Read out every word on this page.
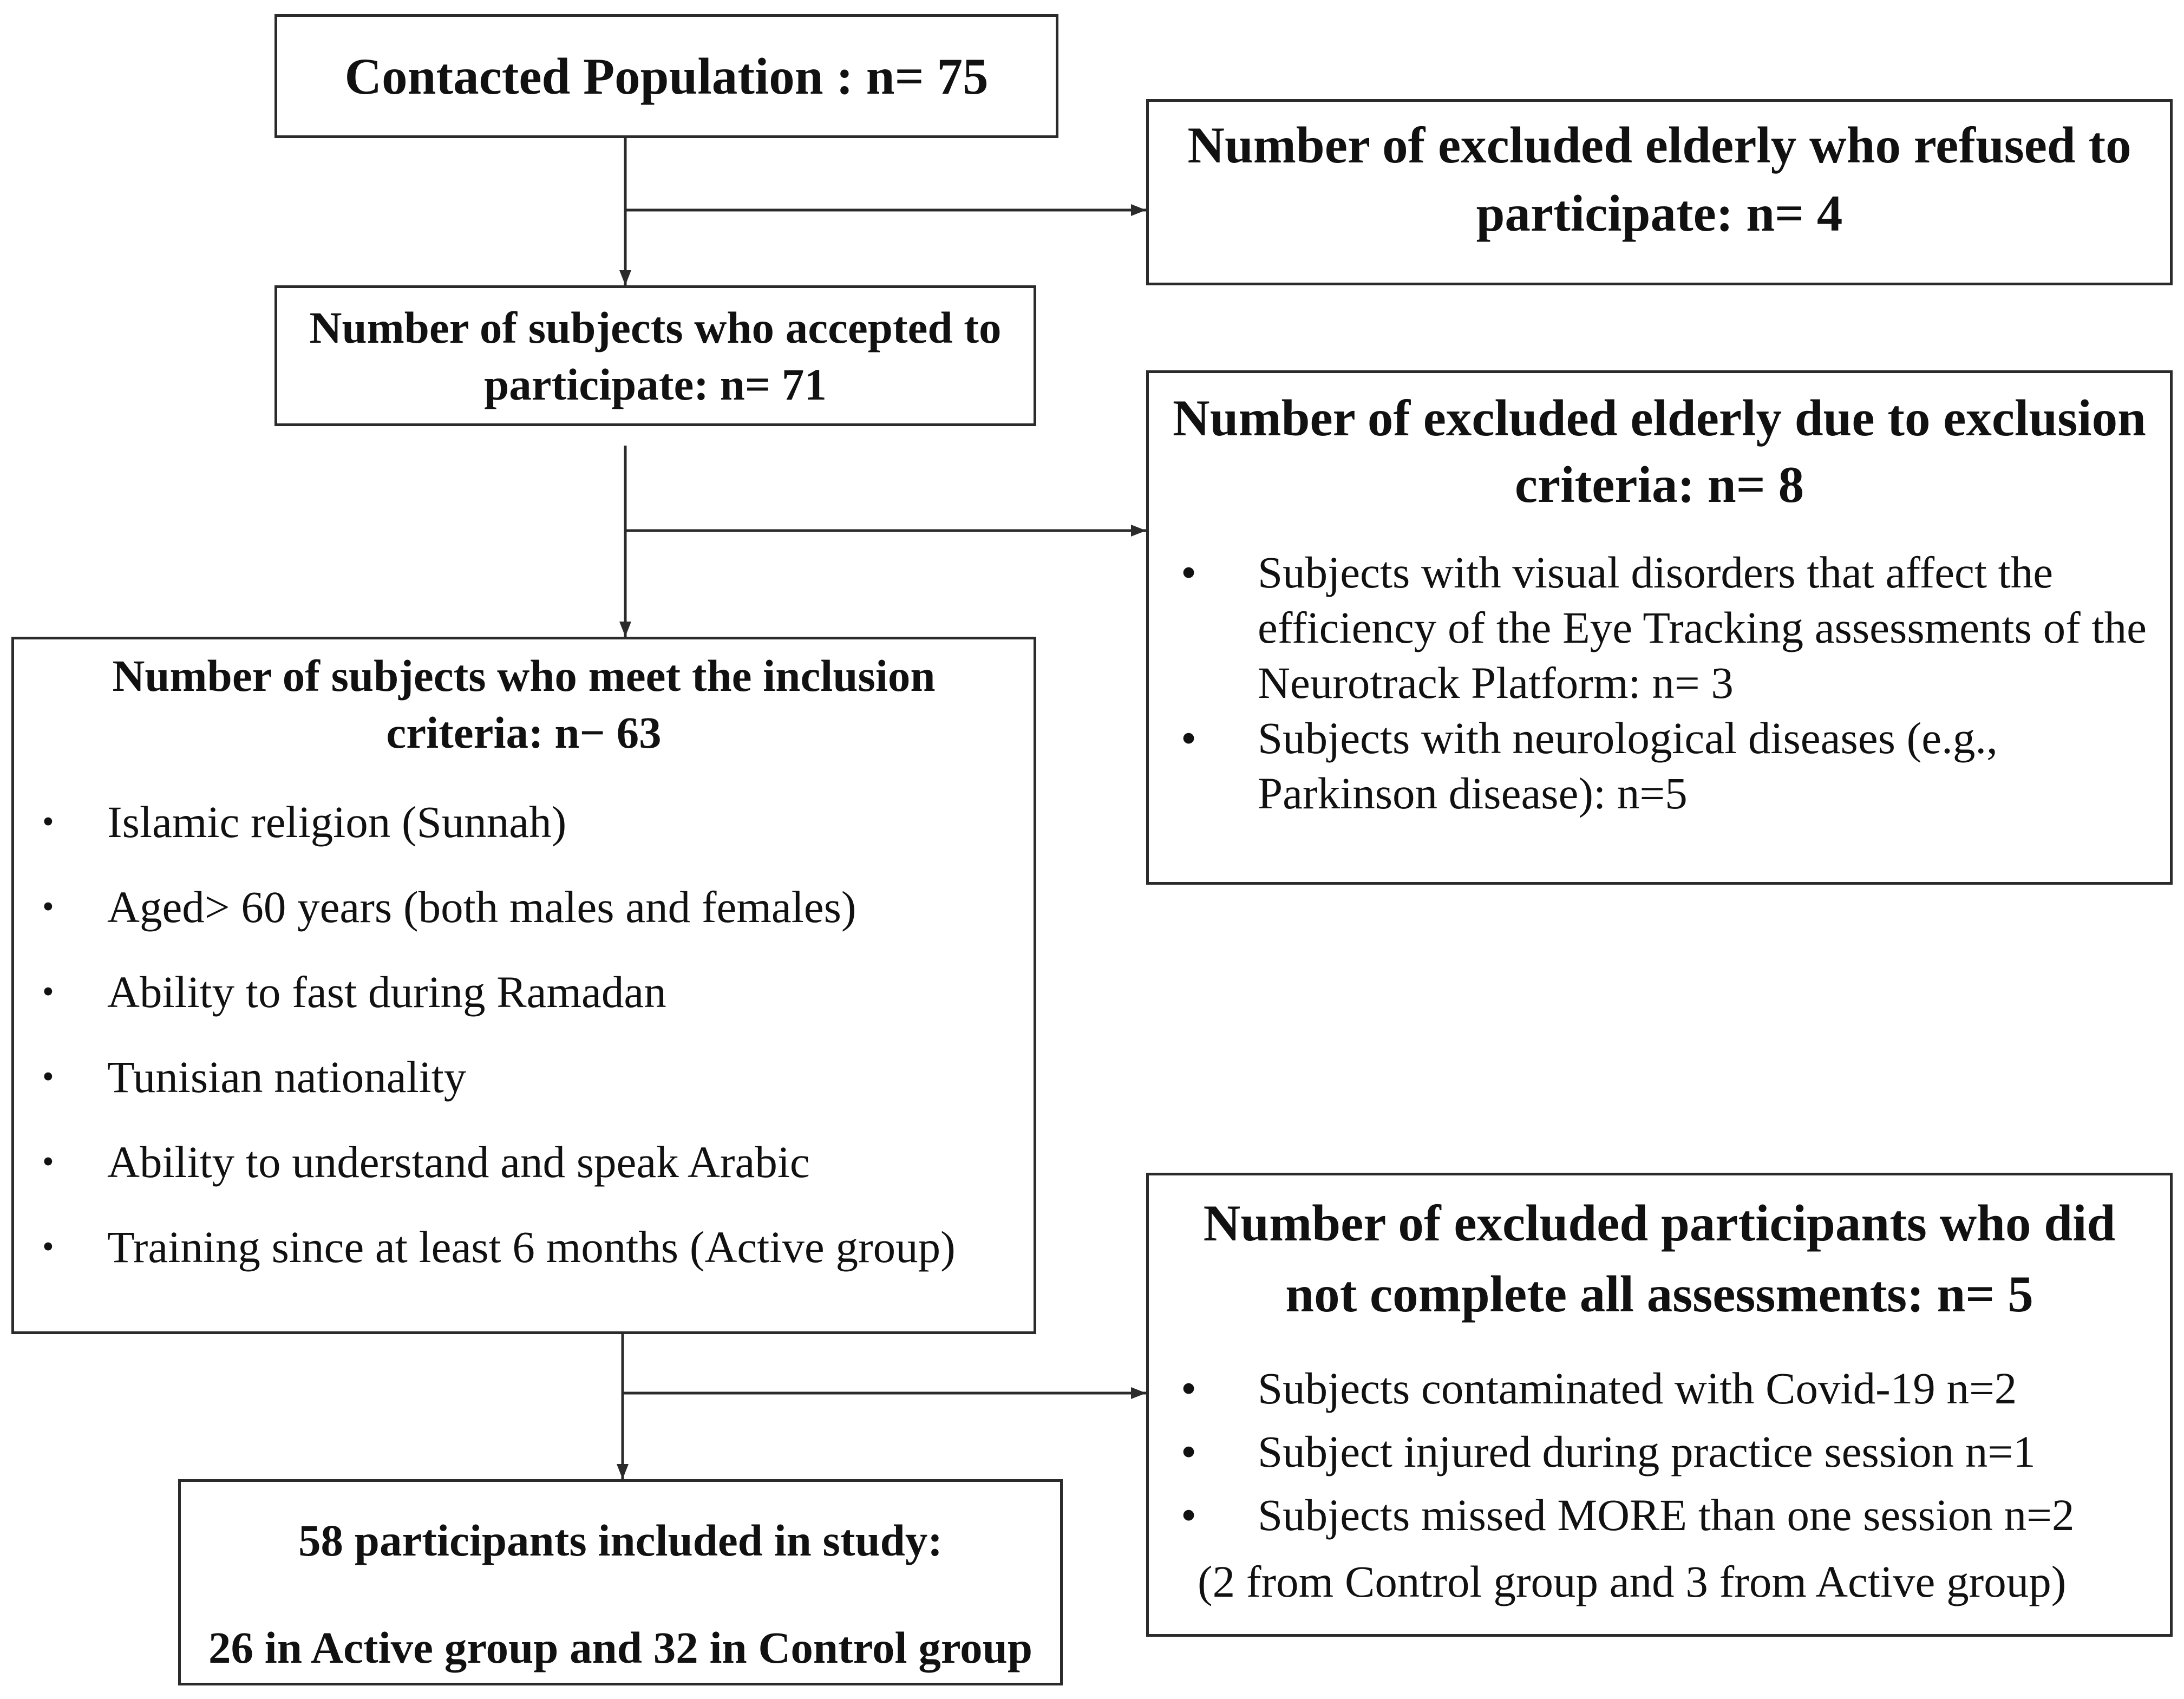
Contacted Population : n= 75
Number of excluded elderly who refused to
participate: n= 4
Number of subjects who accepted to
participate: n= 71
Number of excluded elderly due to exclusion
criteria: n= 8
• Subjects with visual disorders that affect the
efficiency of the Eye Tracking assessments of the
Neurotrack Platform: n= 3
• Subjects with neurological diseases (e.g.,
Parkinson disease): n=5
Number of subjects who meet the inclusion
criteria: n− 63
• Islamic religion (Sunnah)
• Aged> 60 years (both males and females)
• Ability to fast during Ramadan
• Tunisian nationality
• Ability to understand and speak Arabic
• Training since at least 6 months (Active group)	Number of excluded participants who did
not complete all assessments: n= 5
• Subjects contaminated with Covid-19 n=2
• Subject injured during practice session n=1
• Subjects missed MORE than one session n=2
(2 from Control group and 3 from Active group)
58 participants included in study:
26 in Active group and 32 in Control group
